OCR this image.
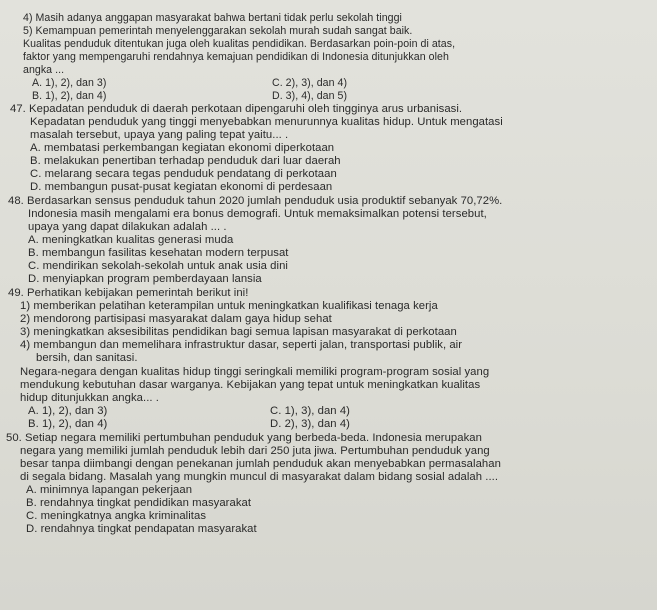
4) Masih adanya anggapan masyarakat bahwa bertani tidak perlu sekolah tinggi
5) Kemampuan pemerintah menyelenggarakan sekolah murah sudah sangat baik.
Kualitas penduduk ditentukan juga oleh kualitas pendidikan. Berdasarkan poin-poin di atas,
faktor yang mempengaruhi rendahnya kemajuan pendidikan di Indonesia ditunjukkan oleh
angka ...
A. 1), 2), dan 3)	C. 2), 3), dan 4)
B. 1), 2), dan 4)	D. 3), 4), dan 5)
47. Kepadatan penduduk di daerah perkotaan dipengaruhi oleh tingginya arus urbanisasi.
Kepadatan penduduk yang tinggi menyebabkan menurunnya kualitas hidup. Untuk mengatasi
masalah tersebut, upaya yang paling tepat yaitu... .
A. membatasi perkembangan kegiatan ekonomi diperkotaan
B. melakukan penertiban terhadap penduduk dari luar daerah
C. melarang secara tegas penduduk pendatang di perkotaan
D. membangun pusat-pusat kegiatan ekonomi di perdesaan
48. Berdasarkan sensus penduduk tahun 2020 jumlah penduduk usia produktif sebanyak 70,72%.
Indonesia masih mengalami era bonus demografi. Untuk memaksimalkan potensi tersebut,
upaya yang dapat dilakukan adalah ... .
A. meningkatkan kualitas generasi muda
B. membangun fasilitas kesehatan modern terpusat
C. mendirikan sekolah-sekolah untuk anak usia dini
D. menyiapkan program pemberdayaan lansia
49. Perhatikan kebijakan pemerintah berikut ini!
1) memberikan pelatihan keterampilan untuk meningkatkan kualifikasi tenaga kerja
2) mendorong partisipasi masyarakat dalam gaya hidup sehat
3) meningkatkan aksesibilitas pendidikan bagi semua lapisan masyarakat di perkotaan
4) membangun dan memelihara infrastruktur dasar, seperti jalan, transportasi publik, air
bersih, dan sanitasi.
Negara-negara dengan kualitas hidup tinggi seringkali memiliki program-program sosial yang
mendukung kebutuhan dasar warganya. Kebijakan yang tepat untuk meningkatkan kualitas
hidup ditunjukkan angka... .
A. 1), 2), dan 3)	C. 1), 3), dan 4)
B. 1), 2), dan 4)	D. 2), 3), dan 4)
50. Setiap negara memiliki pertumbuhan penduduk yang berbeda-beda. Indonesia merupakan
negara yang memiliki jumlah penduduk lebih dari 250 juta jiwa. Pertumbuhan penduduk yang
besar tanpa diimbangi dengan penekanan jumlah penduduk akan menyebabkan permasalahan
di segala bidang. Masalah yang mungkin muncul di masyarakat dalam bidang sosial adalah ....
A. minimnya lapangan pekerjaan
B. rendahnya tingkat pendidikan masyarakat
C. meningkatnya angka kriminalitas
D. rendahnya tingkat pendapatan masyarakat
